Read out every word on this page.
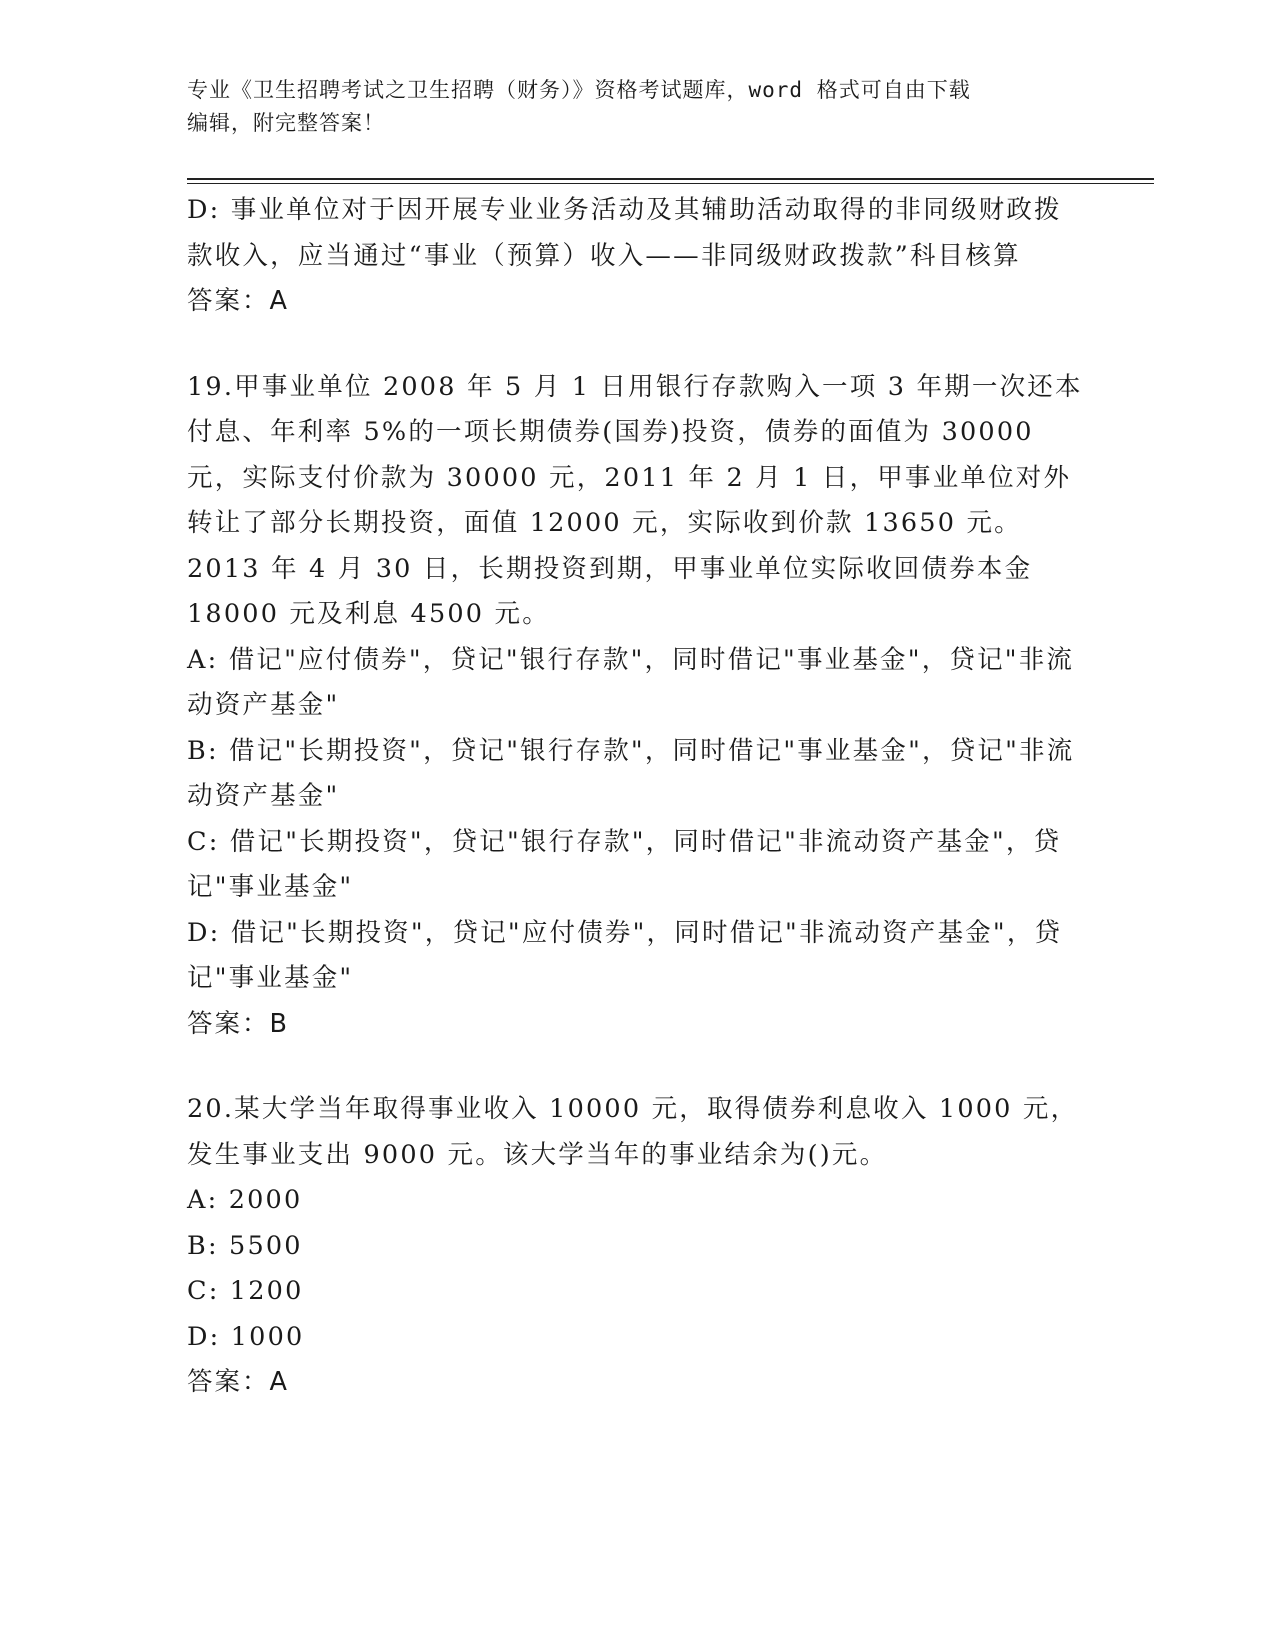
专业《卫生招聘考试之卫生招聘（财务）》资格考试题库，word 格式可自由下载
编辑，附完整答案！

D: 事业单位对于因开展专业业务活动及其辅助活动取得的非同级财政拨款收入，应当通过“事业（预算）收入——非同级财政拨款”科目核算

答案：A

19.甲事业单位 2008 年 5 月 1 日用银行存款购入一项 3 年期一次还本付息、年利率 5%的一项长期债券(国券)投资，债券的面值为 30000 元，实际支付价款为 30000 元，2011 年 2 月 1 日，甲事业单位对外转让了部分长期投资，面值 12000 元，实际收到价款 13650 元。2013 年 4 月 30 日，长期投资到期，甲事业单位实际收回债券本金 18000 元及利息 4500 元。

A: 借记"应付债券"，贷记"银行存款"，同时借记"事业基金"，贷记"非流动资产基金"

B: 借记"长期投资"，贷记"银行存款"，同时借记"事业基金"，贷记"非流动资产基金"

C: 借记"长期投资"，贷记"银行存款"，同时借记"非流动资产基金"，贷记"事业基金"

D: 借记"长期投资"，贷记"应付债券"，同时借记"非流动资产基金"，贷记"事业基金"

答案：B

20.某大学当年取得事业收入 10000 元，取得债券利息收入 1000 元，发生事业支出 9000 元。该大学当年的事业结余为()元。

A: 2000

B: 5500

C: 1200

D: 1000

答案：A
